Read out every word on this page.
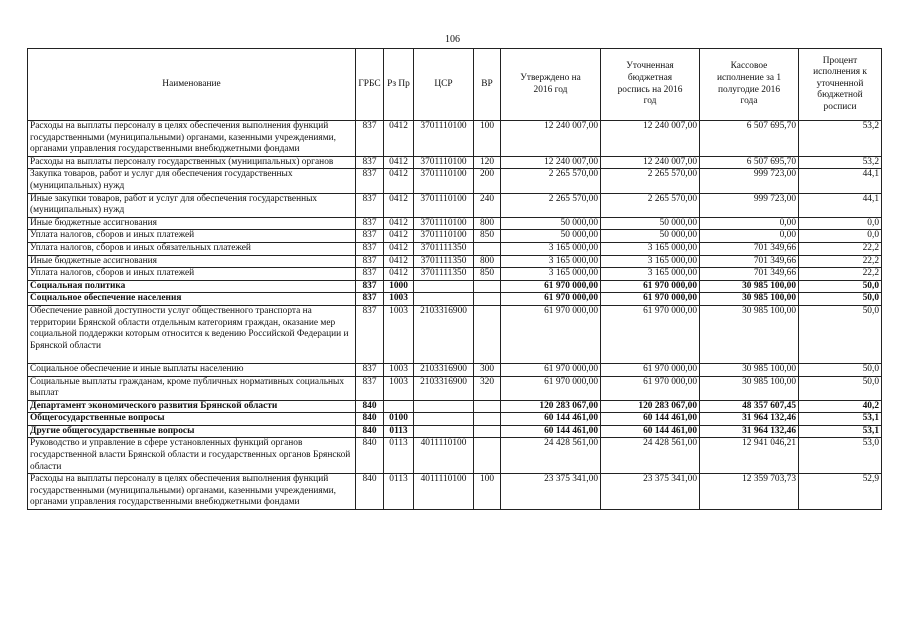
106
Наименование	ГРБС	Рз Пр	ЦСР	ВР	Утверждено на 2016 год	Уточненная бюджетная роспись на 2016 год	Кассовое исполнение за 1 полугодие 2016 года	Процент исполнения к уточненной бюджетной росписи
Расходы на выплаты персоналу в целях обеспечения выполнения функций государственными (муниципальными) органами, казенными учреждениями, органами управления государственными внебюджетными фондами	837	0412	3701110100	100	12 240 007,00	12 240 007,00	6 507 695,70	53,2
Расходы на выплаты персоналу государственных (муниципальных) органов	837	0412	3701110100	120	12 240 007,00	12 240 007,00	6 507 695,70	53,2
Закупка товаров, работ и услуг для обеспечения государственных (муниципальных) нужд	837	0412	3701110100	200	2 265 570,00	2 265 570,00	999 723,00	44,1
Иные закупки товаров, работ и услуг для обеспечения государственных (муниципальных) нужд	837	0412	3701110100	240	2 265 570,00	2 265 570,00	999 723,00	44,1
Иные бюджетные ассигнования	837	0412	3701110100	800	50 000,00	50 000,00	0,00	0,0
Уплата налогов, сборов и иных платежей	837	0412	3701110100	850	50 000,00	50 000,00	0,00	0,0
Уплата налогов, сборов и иных обязательных платежей	837	0412	3701111350		3 165 000,00	3 165 000,00	701 349,66	22,2
Иные бюджетные ассигнования	837	0412	3701111350	800	3 165 000,00	3 165 000,00	701 349,66	22,2
Уплата налогов, сборов и иных платежей	837	0412	3701111350	850	3 165 000,00	3 165 000,00	701 349,66	22,2
Социальная политика	837	1000			61 970 000,00	61 970 000,00	30 985 100,00	50,0
Социальное обеспечение населения	837	1003			61 970 000,00	61 970 000,00	30 985 100,00	50,0
Обеспечение равной доступности услуг общественного транспорта на территории Брянской области отдельным категориям граждан, оказание мер социальной поддержки которым относится к ведению Российской Федерации и Брянской области	837	1003	2103316900		61 970 000,00	61 970 000,00	30 985 100,00	50,0
Социальное обеспечение и иные выплаты населению	837	1003	2103316900	300	61 970 000,00	61 970 000,00	30 985 100,00	50,0
Социальные выплаты гражданам, кроме публичных нормативных социальных выплат	837	1003	2103316900	320	61 970 000,00	61 970 000,00	30 985 100,00	50,0
Департамент экономического развития Брянской области	840				120 283 067,00	120 283 067,00	48 357 607,45	40,2
Общегосударственные вопросы	840	0100			60 144 461,00	60 144 461,00	31 964 132,46	53,1
Другие общегосударственные вопросы	840	0113			60 144 461,00	60 144 461,00	31 964 132,46	53,1
Руководство и управление в сфере установленных функций органов государственной власти Брянской области и государственных органов Брянской области	840	0113	4011110100		24 428 561,00	24 428 561,00	12 941 046,21	53,0
Расходы на выплаты персоналу в целях обеспечения выполнения функций государственными (муниципальными) органами, казенными учреждениями, органами управления государственными внебюджетными фондами	840	0113	4011110100	100	23 375 341,00	23 375 341,00	12 359 703,73	52,9
